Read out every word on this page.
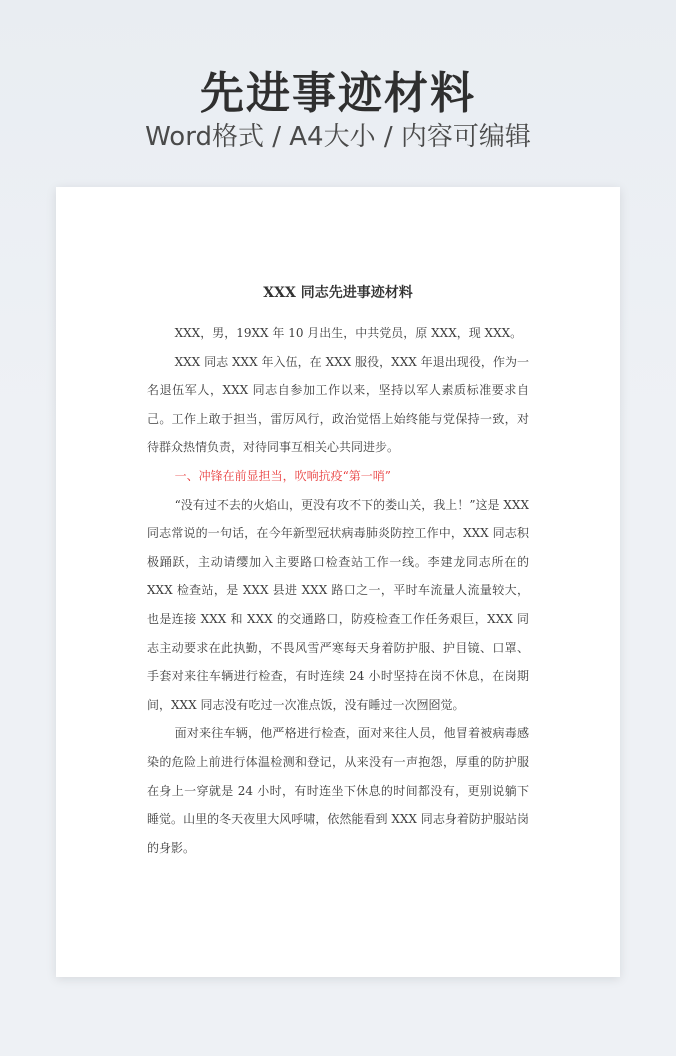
先进事迹材料
Word格式 / A4大小 / 内容可编辑
XXX 同志先进事迹材料

XXX，男，19XX 年 10 月出生，中共党员，原 XXX，现 XXX。

XXX 同志 XXX 年入伍，在 XXX 服役，XXX 年退出现役，作为一名退伍军人，XXX 同志自参加工作以来，坚持以军人素质标准要求自己。工作上敢于担当，雷厉风行，政治觉悟上始终能与党保持一致，对待群众热情负责，对待同事互相关心共同进步。

一、冲锋在前显担当，吹响抗疫“第一哨”

“没有过不去的火焰山，更没有攻不下的娄山关，我上！”这是 XXX 同志常说的一句话，在今年新型冠状病毒肺炎防控工作中，XXX 同志积极踊跃，主动请缨加入主要路口检查站工作一线。李建龙同志所在的 XXX 检查站，是 XXX 县进 XXX 路口之一，平时车流量人流量较大，也是连接 XXX 和 XXX 的交通路口，防疫检查工作任务艰巨，XXX 同志主动要求在此执勤，不畏风雪严寒每天身着防护服、护目镜、口罩、手套对来往车辆进行检查，有时连续 24 小时坚持在岗不休息，在岗期间，XXX 同志没有吃过一次准点饭，没有睡过一次囫囵觉。

面对来往车辆，他严格进行检查，面对来往人员，他冒着被病毒感染的危险上前进行体温检测和登记，从来没有一声抱怨，厚重的防护服在身上一穿就是 24 小时，有时连坐下休息的时间都没有，更别说躺下睡觉。山里的冬天夜里大风呼啸，依然能看到 XXX 同志身着防护服站岗的身影。
